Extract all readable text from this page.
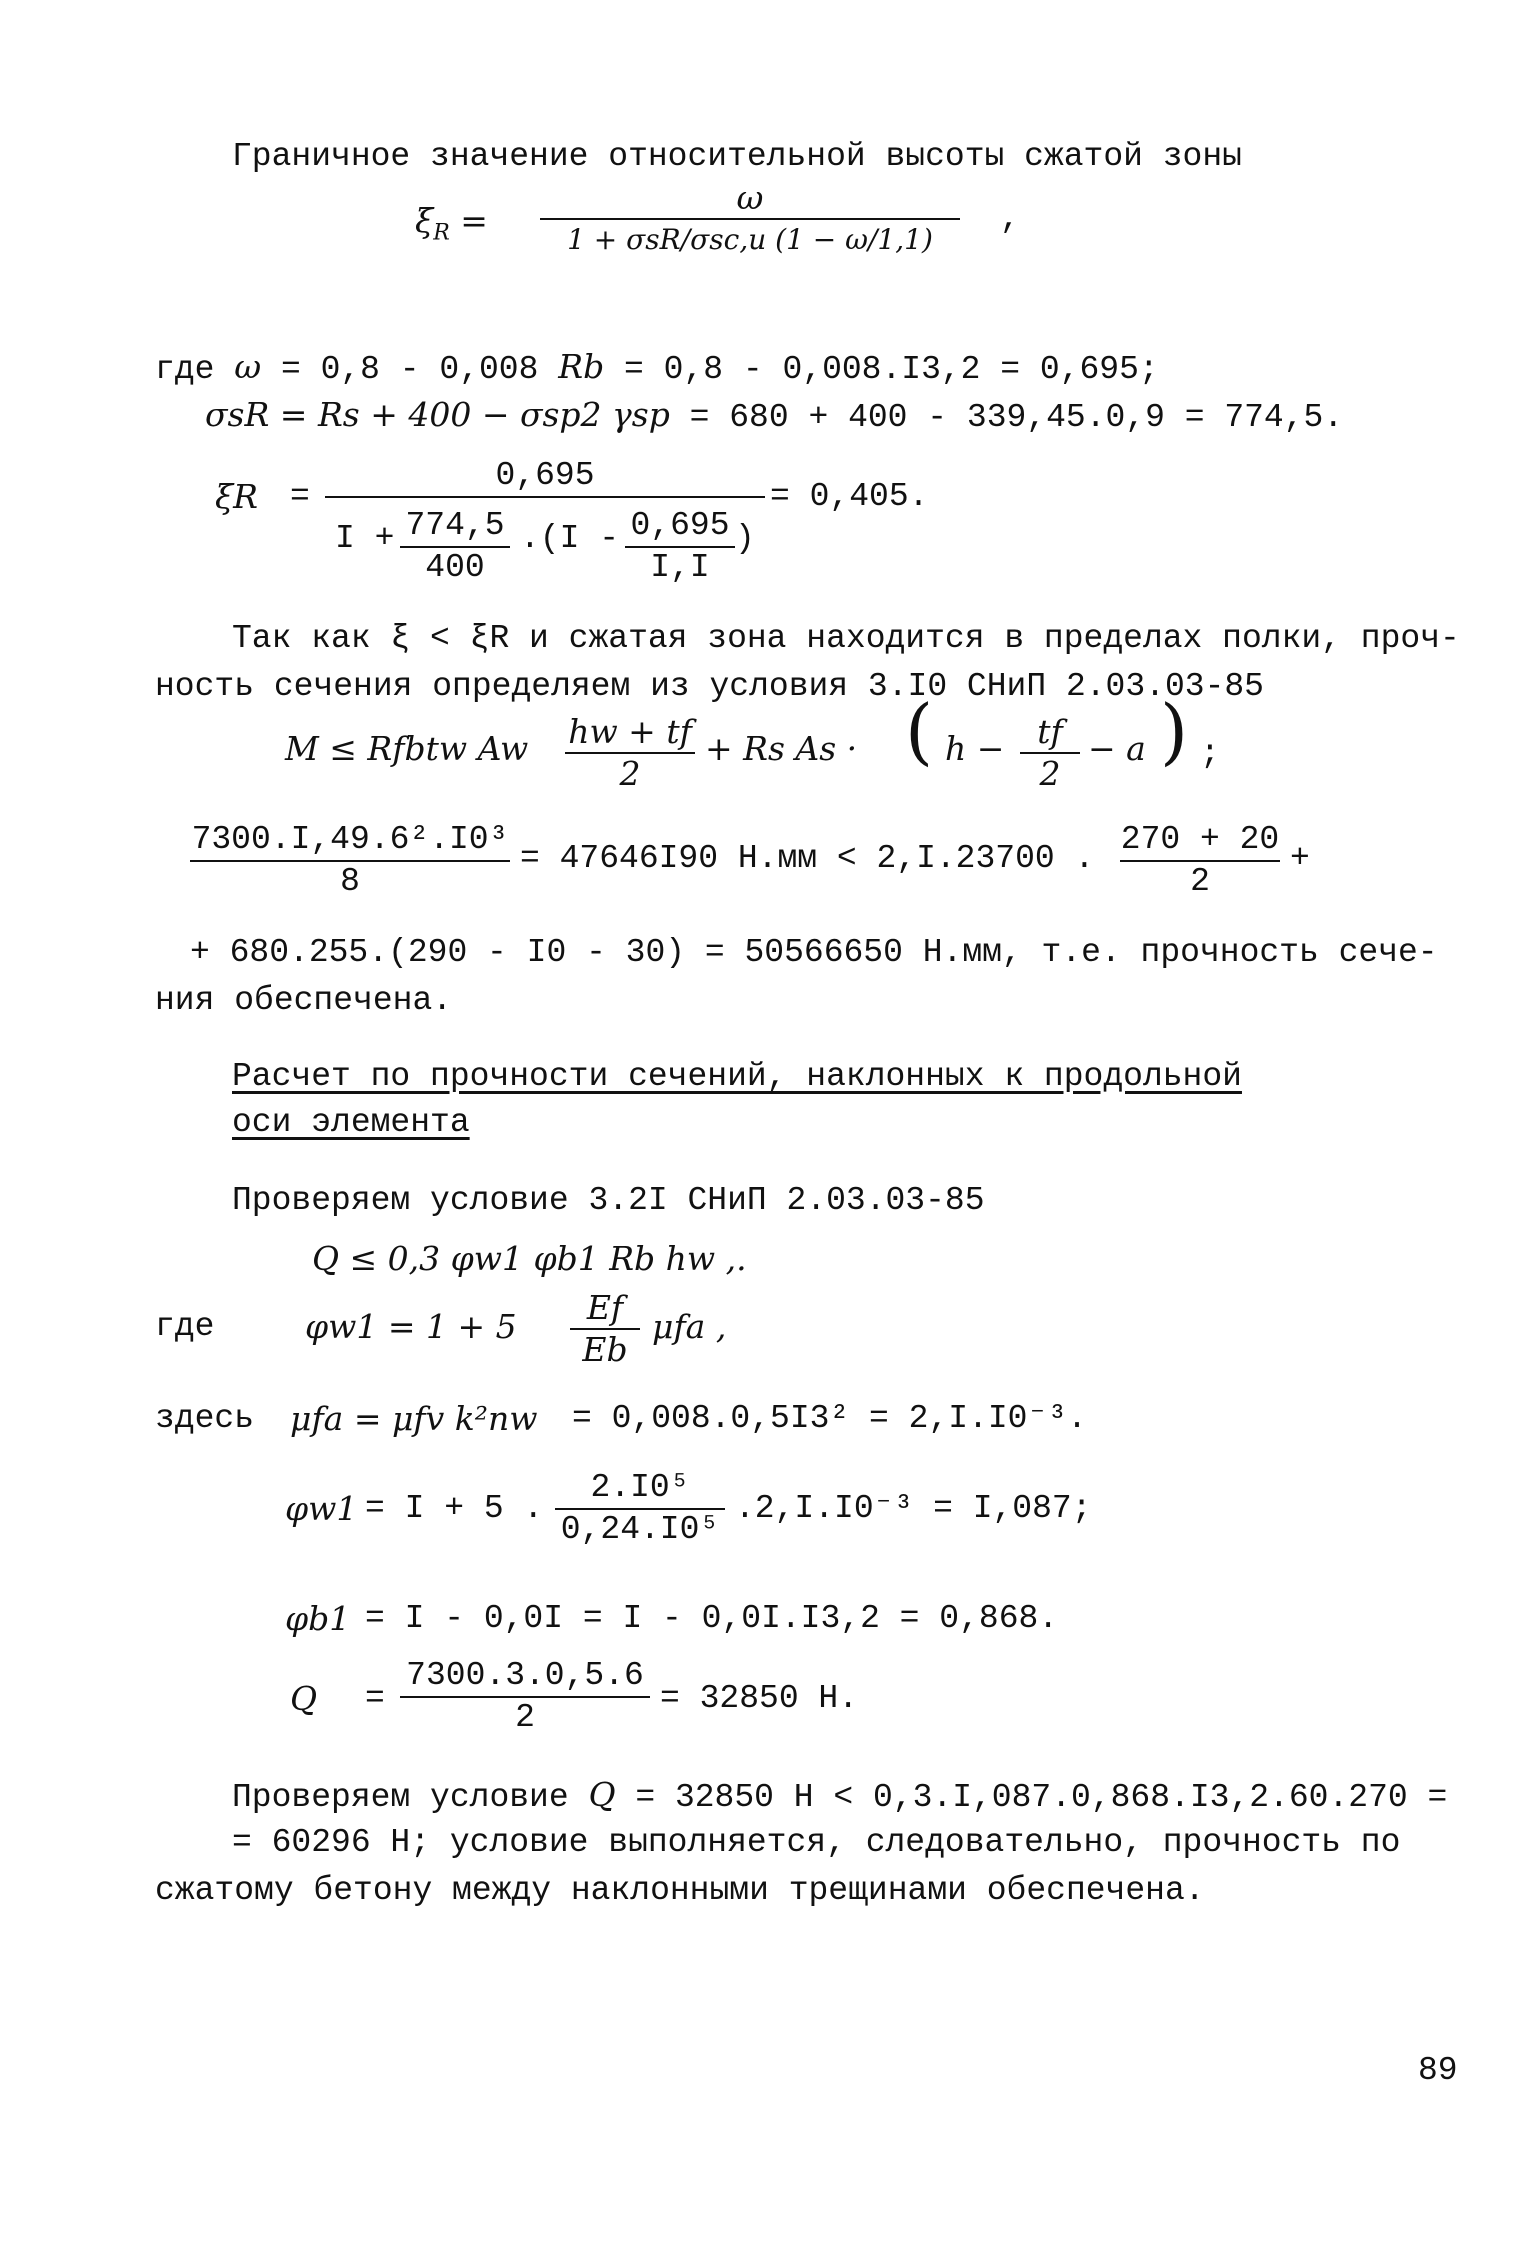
Граничное значение относительной высоты сжатой зоны
$\xi_R$ =
ω
1 + σsR/σsc,u (1 − ω/1,1)
,
где ω = 0,8 - 0,008 Rb = 0,8 - 0,008.I3,2 = 0,695;
σsR = Rs + 400 − σsp2 γsp = 680 + 400 - 339,45.0,9 = 774,5.
ξR =
0,695
I + 774,5
400
.(I - 0,695
I,I
)
= 0,405.
Так как ξ < ξR и сжатая зона находится в пределах полки, проч-
ность сечения определяем из условия 3.I0 СНиП 2.03.03-85
M ≤ Rfbtw Aw hw + tf
2
+ Rs As · ( h − tf
2
− a ) ;
7300.I,49.6².I0³
8
= 47646I90 Н.мм < 2,I.23700 .
270 + 20
2
+
+ 680.255.(290 - I0 - 30) = 50566650 Н.мм, т.е. прочность сече-
ния обеспечена.
Расчет по прочности сечений, наклонных к продольной
оси элемента
Проверяем условие 3.2I СНиП 2.03.03-85
Q ≤ 0,3 φw1 φb1 Rb hw ,.
где	φw1 = 1 + 5	Ef
Eb
μfa ,
здесь μfa = μfv k²nw = 0,008.0,5I3² = 2,I.I0⁻³.
φw1 = I + 5 .
2.I0⁵
0,24.I0⁵
.2,I.I0⁻³ = I,087;
φb1 = I - 0,0I = I - 0,0I.I3,2 = 0,868.
Q =
7300.3.0,5.6
2
= 32850 Н.
Проверяем условие Q = 32850 Н < 0,3.I,087.0,868.I3,2.60.270 =
= 60296 Н; условие выполняется, следовательно, прочность по
сжатому бетону между наклонными трещинами обеспечена.
89
